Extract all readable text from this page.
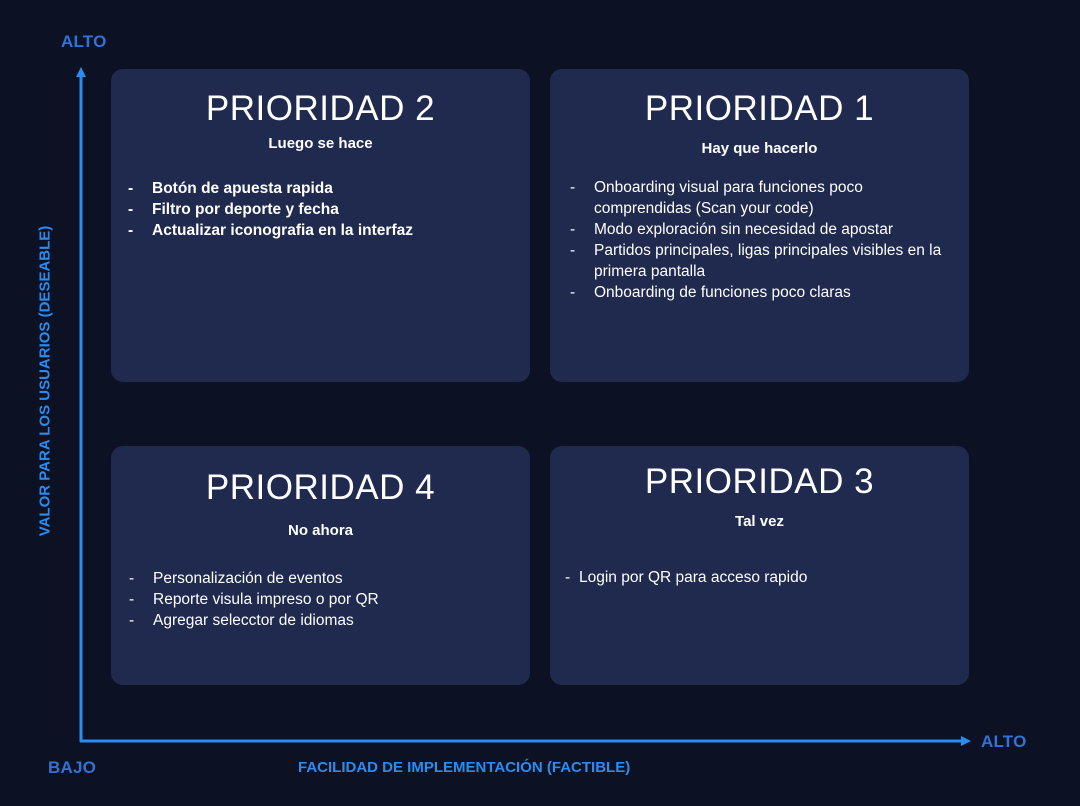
ALTO
ALTO
BAJO
VALOR PARA LOS USUARIOS (DESEABLE)
FACILIDAD DE IMPLEMENTACIÓN (FACTIBLE)
PRIORIDAD 2

Luego se hace

- Botón de apuesta rapida
- Filtro por deporte y fecha
- Actualizar iconografia en la interfaz
PRIORIDAD 1

Hay que hacerlo

- Onboarding visual para funciones poco comprendidas (Scan your code)
- Modo exploración sin necesidad de apostar
- Partidos principales, ligas principales visibles en la primera pantalla
- Onboarding de funciones poco claras
PRIORIDAD 4

No ahora

- Personalización de eventos
- Reporte visula impreso o por QR
- Agregar selecctor de idiomas
PRIORIDAD 3

Tal vez

- Login por QR para acceso rapido
